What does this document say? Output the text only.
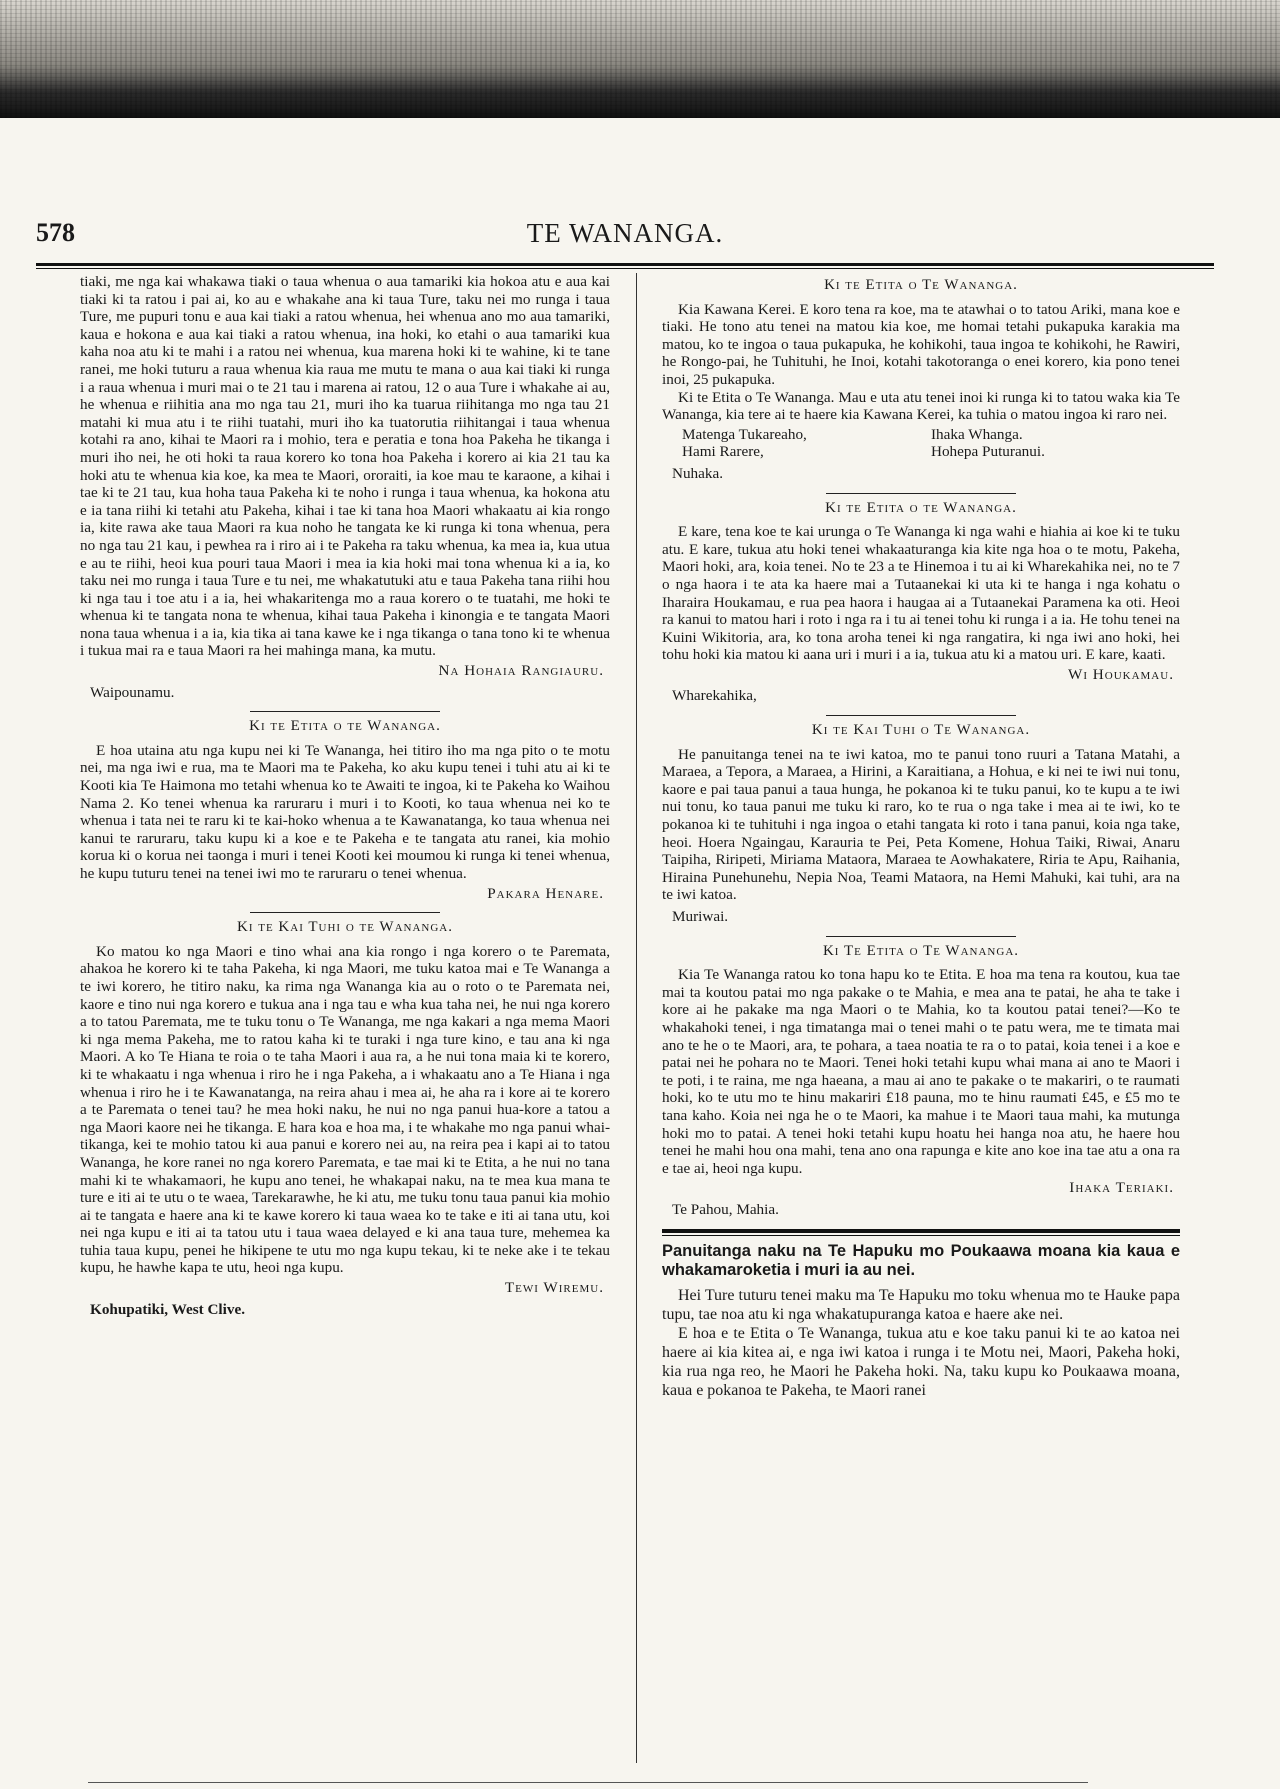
578	TE WANANGA.

tiaki, me nga kai whakawa tiaki o taua whenua o aua tamariki kia hokoa atu e aua kai tiaki ki ta ratou i pai ai, ko au e whakahe ana ki taua Ture, taku nei mo runga i taua Ture, me pupuri tonu e aua kai tiaki a ratou whenua, hei whenua ano mo aua tamariki, kaua e hokona e aua kai tiaki a ratou whenua, ina hoki, ko etahi o aua tamariki kua kaha noa atu ki te mahi i a ratou nei whenua, kua marena hoki ki te wahine, ki te tane ranei, me hoki tuturu a raua whenua kia raua me mutu te mana o aua kai tiaki ki runga i a raua whenua i muri mai o te 21 tau i marena ai ratou, 12 o aua Ture i whakahe ai au, he whenua e riihitia ana mo nga tau 21, muri iho ka tuarua riihitanga mo nga tau 21 matahi ki mua atu i te riihi tuatahi, muri iho ka tuatorutia riihitangai i taua whenua kotahi ra ano, kihai te Maori ra i mohio, tera e peratia e tona hoa Pakeha he tikanga i muri iho nei, he oti hoki ta raua korero ko tona hoa Pakeha i korero ai kia 21 tau ka hoki atu te whenua kia koe, ka mea te Maori, ororaiti, ia koe mau te karaone, a kihai i tae ki te 21 tau, kua hoha taua Pakeha ki te noho i runga i taua whenua, ka hokona atu e ia tana riihi ki tetahi atu Pakeha, kihai i tae ki tana hoa Maori whakaatu ai kia rongo ia, kite rawa ake taua Maori ra kua noho he tangata ke ki runga ki tona whenua, pera no nga tau 21 kau, i pewhea ra i riro ai i te Pakeha ra taku whenua, ka mea ia, kua utua e au te riihi, heoi kua pouri taua Maori i mea ia kia hoki mai tona whenua ki a ia, ko taku nei mo runga i taua Ture e tu nei, me whakatutuki atu e taua Pakeha tana riihi hou ki nga tau i toe atu i a ia, hei whakaritenga mo a raua korero o te tuatahi, me hoki te whenua ki te tangata nona te whenua, kihai taua Pakeha i kinongia e te tangata Maori nona taua whenua i a ia, kia tika ai tana kawe ke i nga tikanga o tana tono ki te whenua i tukua mai ra e taua Maori ra hei mahinga mana, ka mutu.

Na Hohaia Rangiauru.
Waipounamu.
Ki te Etita o te Wananga.

E hoa utaina atu nga kupu nei ki Te Wananga, hei titiro iho ma nga pito o te motu nei, ma nga iwi e rua, ma te Maori ma te Pakeha, ko aku kupu tenei i tuhi atu ai ki te Kooti kia Te Haimona mo tetahi whenua ko te Awaiti te ingoa, ki te Pakeha ko Waihou Nama 2. Ko tenei whenua ka raruraru i muri i to Kooti, ko taua whenua nei ko te whenua i tata nei te raru ki te kai-hoko whenua a te Kawanatanga, ko taua whenua nei kanui te raruraru, taku kupu ki a koe e te Pakeha e te tangata atu ranei, kia mohio korua ki o korua nei taonga i muri i tenei Kooti kei moumou ki runga ki tenei whenua, he kupu tuturu tenei na tenei iwi mo te raruraru o tenei whenua.

Pakara Henare.
Ki te Kai Tuhi o te Wananga.

Ko matou ko nga Maori e tino whai ana kia rongo i nga korero o te Paremata, ahakoa he korero ki te taha Pakeha, ki nga Maori, me tuku katoa mai e Te Wananga a te iwi korero, he titiro naku, ka rima nga Wananga kia au o roto o te Paremata nei, kaore e tino nui nga korero e tukua ana i nga tau e wha kua taha nei, he nui nga korero a to tatou Paremata, me te tuku tonu o Te Wananga, me nga kakari a nga mema Maori ki nga mema Pakeha, me to ratou kaha ki te turaki i nga ture kino, e tau ana ki nga Maori. A ko Te Hiana te roia o te taha Maori i aua ra, a he nui tona maia ki te korero, ki te whakaatu i nga whenua i riro he i nga Pakeha, a i whakaatu ano a Te Hiana i nga whenua i riro he i te Kawanatanga, na reira ahau i mea ai, he aha ra i kore ai te korero a te Paremata o tenei tau? he mea hoki naku, he nui no nga panui hua-kore a tatou a nga Maori kaore nei he tikanga. E hara koa e hoa ma, i te whakahe mo nga panui whai-tikanga, kei te mohio tatou ki aua panui e korero nei au, na reira pea i kapi ai to tatou Wananga, he kore ranei no nga korero Paremata, e tae mai ki te Etita, a he nui no tana mahi ki te whakamaori, he kupu ano tenei, he whakapai naku, na te mea kua mana te ture e iti ai te utu o te waea, Tarekarawhe, he ki atu, me tuku tonu taua panui kia mohio ai te tangata e haere ana ki te kawe korero ki taua waea ko te take e iti ai tana utu, koi nei nga kupu e iti ai ta tatou utu i taua waea delayed e ki ana taua ture, mehemea ka tuhia taua kupu, penei he hikipene te utu mo nga kupu tekau, ki te neke ake i te tekau kupu, he hawhe kapa te utu, heoi nga kupu.

Tewi Wiremu.
Kohupatiki, West Clive.
Ki te Etita o Te Wananga.

Kia Kawana Kerei. E koro tena ra koe, ma te atawhai o to tatou Ariki, mana koe e tiaki. He tono atu tenei na matou kia koe, me homai tetahi pukapuka karakia ma matou, ko te ingoa o taua pukapuka, he kohikohi, taua ingoa te kohikohi, he Rawiri, he Rongo-pai, he Tuhituhi, he Inoi, kotahi takotoranga o enei korero, kia pono tenei inoi, 25 pukapuka.

Ki te Etita o Te Wananga. Mau e uta atu tenei inoi ki runga ki to tatou waka kia Te Wananga, kia tere ai te haere kia Kawana Kerei, ka tuhia o matou ingoa ki raro nei.

Matenga Tukareaho,	Ihaka Whanga.
Hami Rarere,	Hohepa Puturanui.
Nuhaka.
Ki te Etita o te Wananga.

E kare, tena koe te kai urunga o Te Wananga ki nga wahi e hiahia ai koe ki te tuku atu. E kare, tukua atu hoki tenei whakaaturanga kia kite nga hoa o te motu, Pakeha, Maori hoki, ara, koia tenei. No te 23 a te Hinemoa i tu ai ki Wharekahika nei, no te 7 o nga haora i te ata ka haere mai a Tutaanekai ki uta ki te hanga i nga kohatu o Iharaira Houkamau, e rua pea haora i haugaa ai a Tutaanekai Paramena ka oti. Heoi ra kanui to matou hari i roto i nga ra i tu ai tenei tohu ki runga i a ia. He tohu tenei na Kuini Wikitoria, ara, ko tona aroha tenei ki nga rangatira, ki nga iwi ano hoki, hei tohu hoki kia matou ki aana uri i muri i a ia, tukua atu ki a matou uri. E kare, kaati.

Wi Houkamau.
Wharekahika,
Ki te Kai Tuhi o Te Wananga.

He panuitanga tenei na te iwi katoa, mo te panui tono ruuri a Tatana Matahi, a Maraea, a Tepora, a Maraea, a Hirini, a Karaitiana, a Hohua, e ki nei te iwi nui tonu, kaore e pai taua panui a taua hunga, he pokanoa ki te tuku panui, ko te kupu a te iwi nui tonu, ko taua panui me tuku ki raro, ko te rua o nga take i mea ai te iwi, ko te pokanoa ki te tuhituhi i nga ingoa o etahi tangata ki roto i tana panui, koia nga take, heoi. Hoera Ngaingau, Karauria te Pei, Peta Komene, Hohua Taiki, Riwai, Anaru Taipiha, Riripeti, Miriama Mataora, Maraea te Aowhakatere, Riria te Apu, Raihania, Hiraina Punehunehu, Nepia Noa, Teami Mataora, na Hemi Mahuki, kai tuhi, ara na te iwi katoa.

Muriwai.
Ki Te Etita o Te Wananga.

Kia Te Wananga ratou ko tona hapu ko te Etita. E hoa ma tena ra koutou, kua tae mai ta koutou patai mo nga pakake o te Mahia, e mea ana te patai, he aha te take i kore ai he pakake ma nga Maori o te Mahia, ko ta koutou patai tenei?—Ko te whakahoki tenei, i nga timatanga mai o tenei mahi o te patu wera, me te timata mai ano te he o te Maori, ara, te pohara, a taea noatia te ra o to patai, koia tenei i a koe e patai nei he pohara no te Maori. Tenei hoki tetahi kupu whai mana ai ano te Maori i te poti, i te raina, me nga haeana, a mau ai ano te pakake o te makariri, o te raumati hoki, ko te utu mo te hinu makariri £18 pauna, mo te hinu raumati £45, e £5 mo te tana kaho. Koia nei nga he o te Maori, ka mahue i te Maori taua mahi, ka mutunga hoki mo to patai. A tenei hoki tetahi kupu hoatu hei hanga noa atu, he haere hou tenei he mahi hou ona mahi, tena ano ona rapunga e kite ano koe ina tae atu a ona ra e tae ai, heoi nga kupu.

Ihaka Teriaki.
Te Pahou, Mahia.
Panuitanga naku na Te Hapuku mo Poukaawa moana kia kaua e whakamaroketia i muri ia au nei.

Hei Ture tuturu tenei maku ma Te Hapuku mo toku whenua mo te Hauke papa tupu, tae noa atu ki nga whakatupuranga katoa e haere ake nei.

E hoa e te Etita o Te Wananga, tukua atu e koe taku panui ki te ao katoa nei haere ai kia kitea ai, e nga iwi katoa i runga i te Motu nei, Maori, Pakeha hoki, kia rua nga reo, he Maori he Pakeha hoki. Na, taku kupu ko Poukaawa moana, kaua e pokanoa te Pakeha, te Maori ranei
